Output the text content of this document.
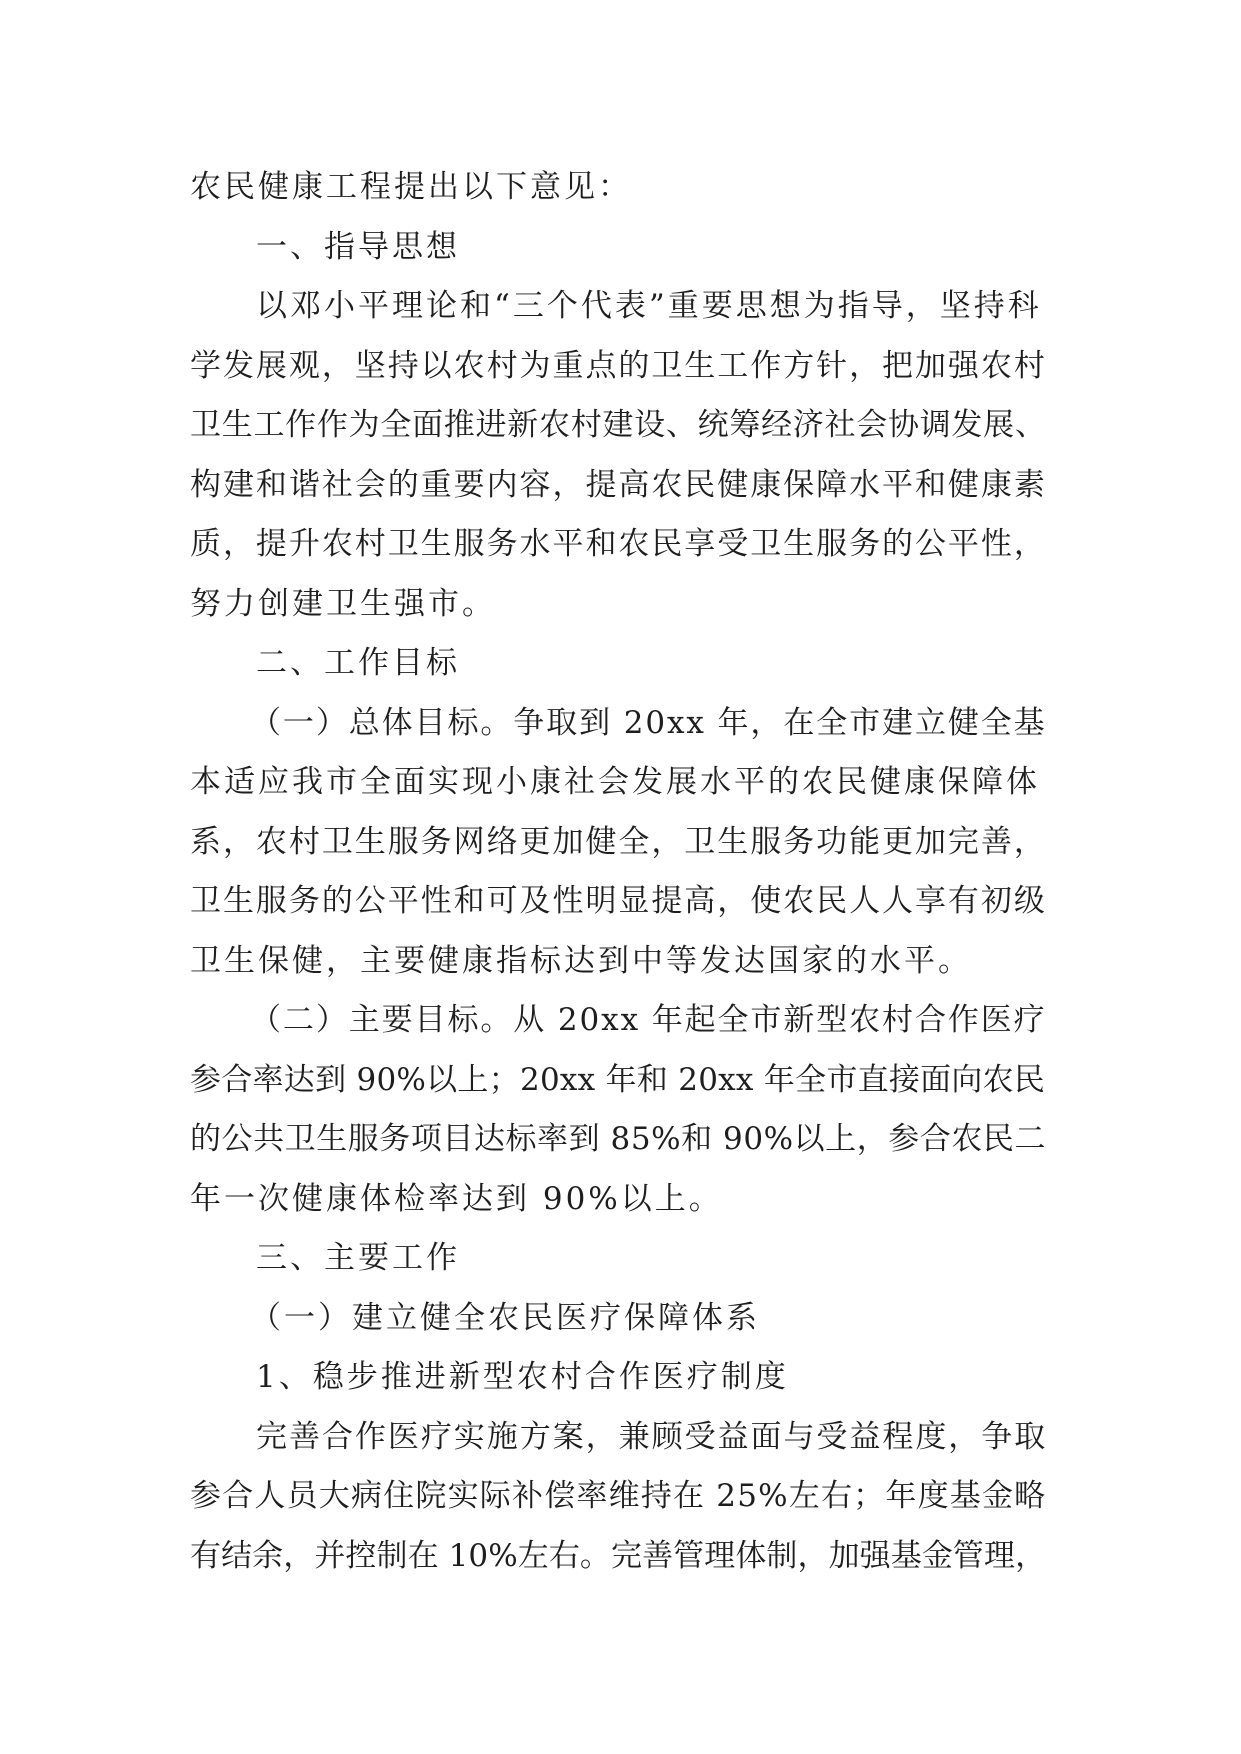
农民健康工程提出以下意见：
一、指导思想
以邓小平理论和“三个代表”重要思想为指导，坚持科
学发展观，坚持以农村为重点的卫生工作方针，把加强农村
卫生工作作为全面推进新农村建设、统筹经济社会协调发展、
构建和谐社会的重要内容，提高农民健康保障水平和健康素
质，提升农村卫生服务水平和农民享受卫生服务的公平性，
努力创建卫生强市。
二、工作目标
（一）总体目标。争取到 20xx 年，在全市建立健全基
本适应我市全面实现小康社会发展水平的农民健康保障体
系，农村卫生服务网络更加健全，卫生服务功能更加完善，
卫生服务的公平性和可及性明显提高，使农民人人享有初级
卫生保健，主要健康指标达到中等发达国家的水平。
（二）主要目标。从 20xx 年起全市新型农村合作医疗
参合率达到 90%以上；20xx 年和 20xx 年全市直接面向农民
的公共卫生服务项目达标率到 85%和 90%以上，参合农民二
年一次健康体检率达到 90%以上。
三、主要工作
（一）建立健全农民医疗保障体系
1、稳步推进新型农村合作医疗制度
完善合作医疗实施方案，兼顾受益面与受益程度，争取
参合人员大病住院实际补偿率维持在 25%左右；年度基金略
有结余，并控制在 10%左右。完善管理体制，加强基金管理，
